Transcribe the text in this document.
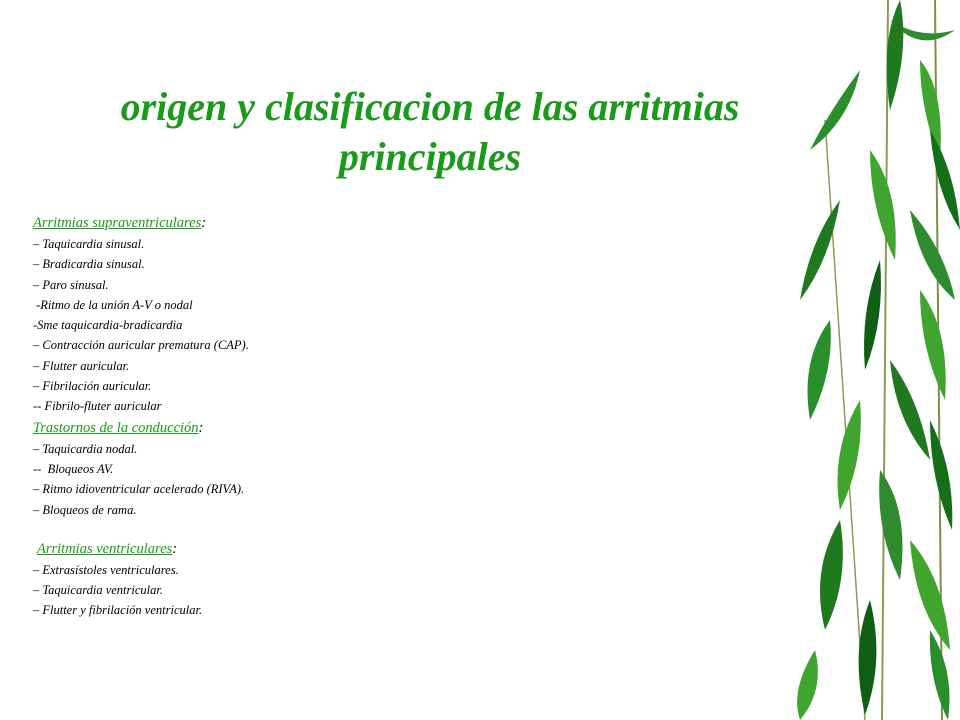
origen y clasificacion de las arritmias principales
Arritmias supraventriculares:
– Taquicardia sinusal.
– Bradicardia sinusal.
– Paro sinusal.
-Ritmo de la unión A-V o nodal
-Sme taquicardia-bradicardia
– Contracción auricular prematura (CAP).
– Flutter auricular.
– Fibrilación auricular.
-- Fibrilo-fluter auricular
Trastornos de la conducción:
– Taquicardia nodal.
--  Bloqueos AV.
– Ritmo idioventricular acelerado (RIVA).
– Bloqueos de rama.
Arritmias ventriculares:
– Extrasístoles ventriculares.
– Taquicardia ventricular.
– Flutter y fibrilación ventricular.
